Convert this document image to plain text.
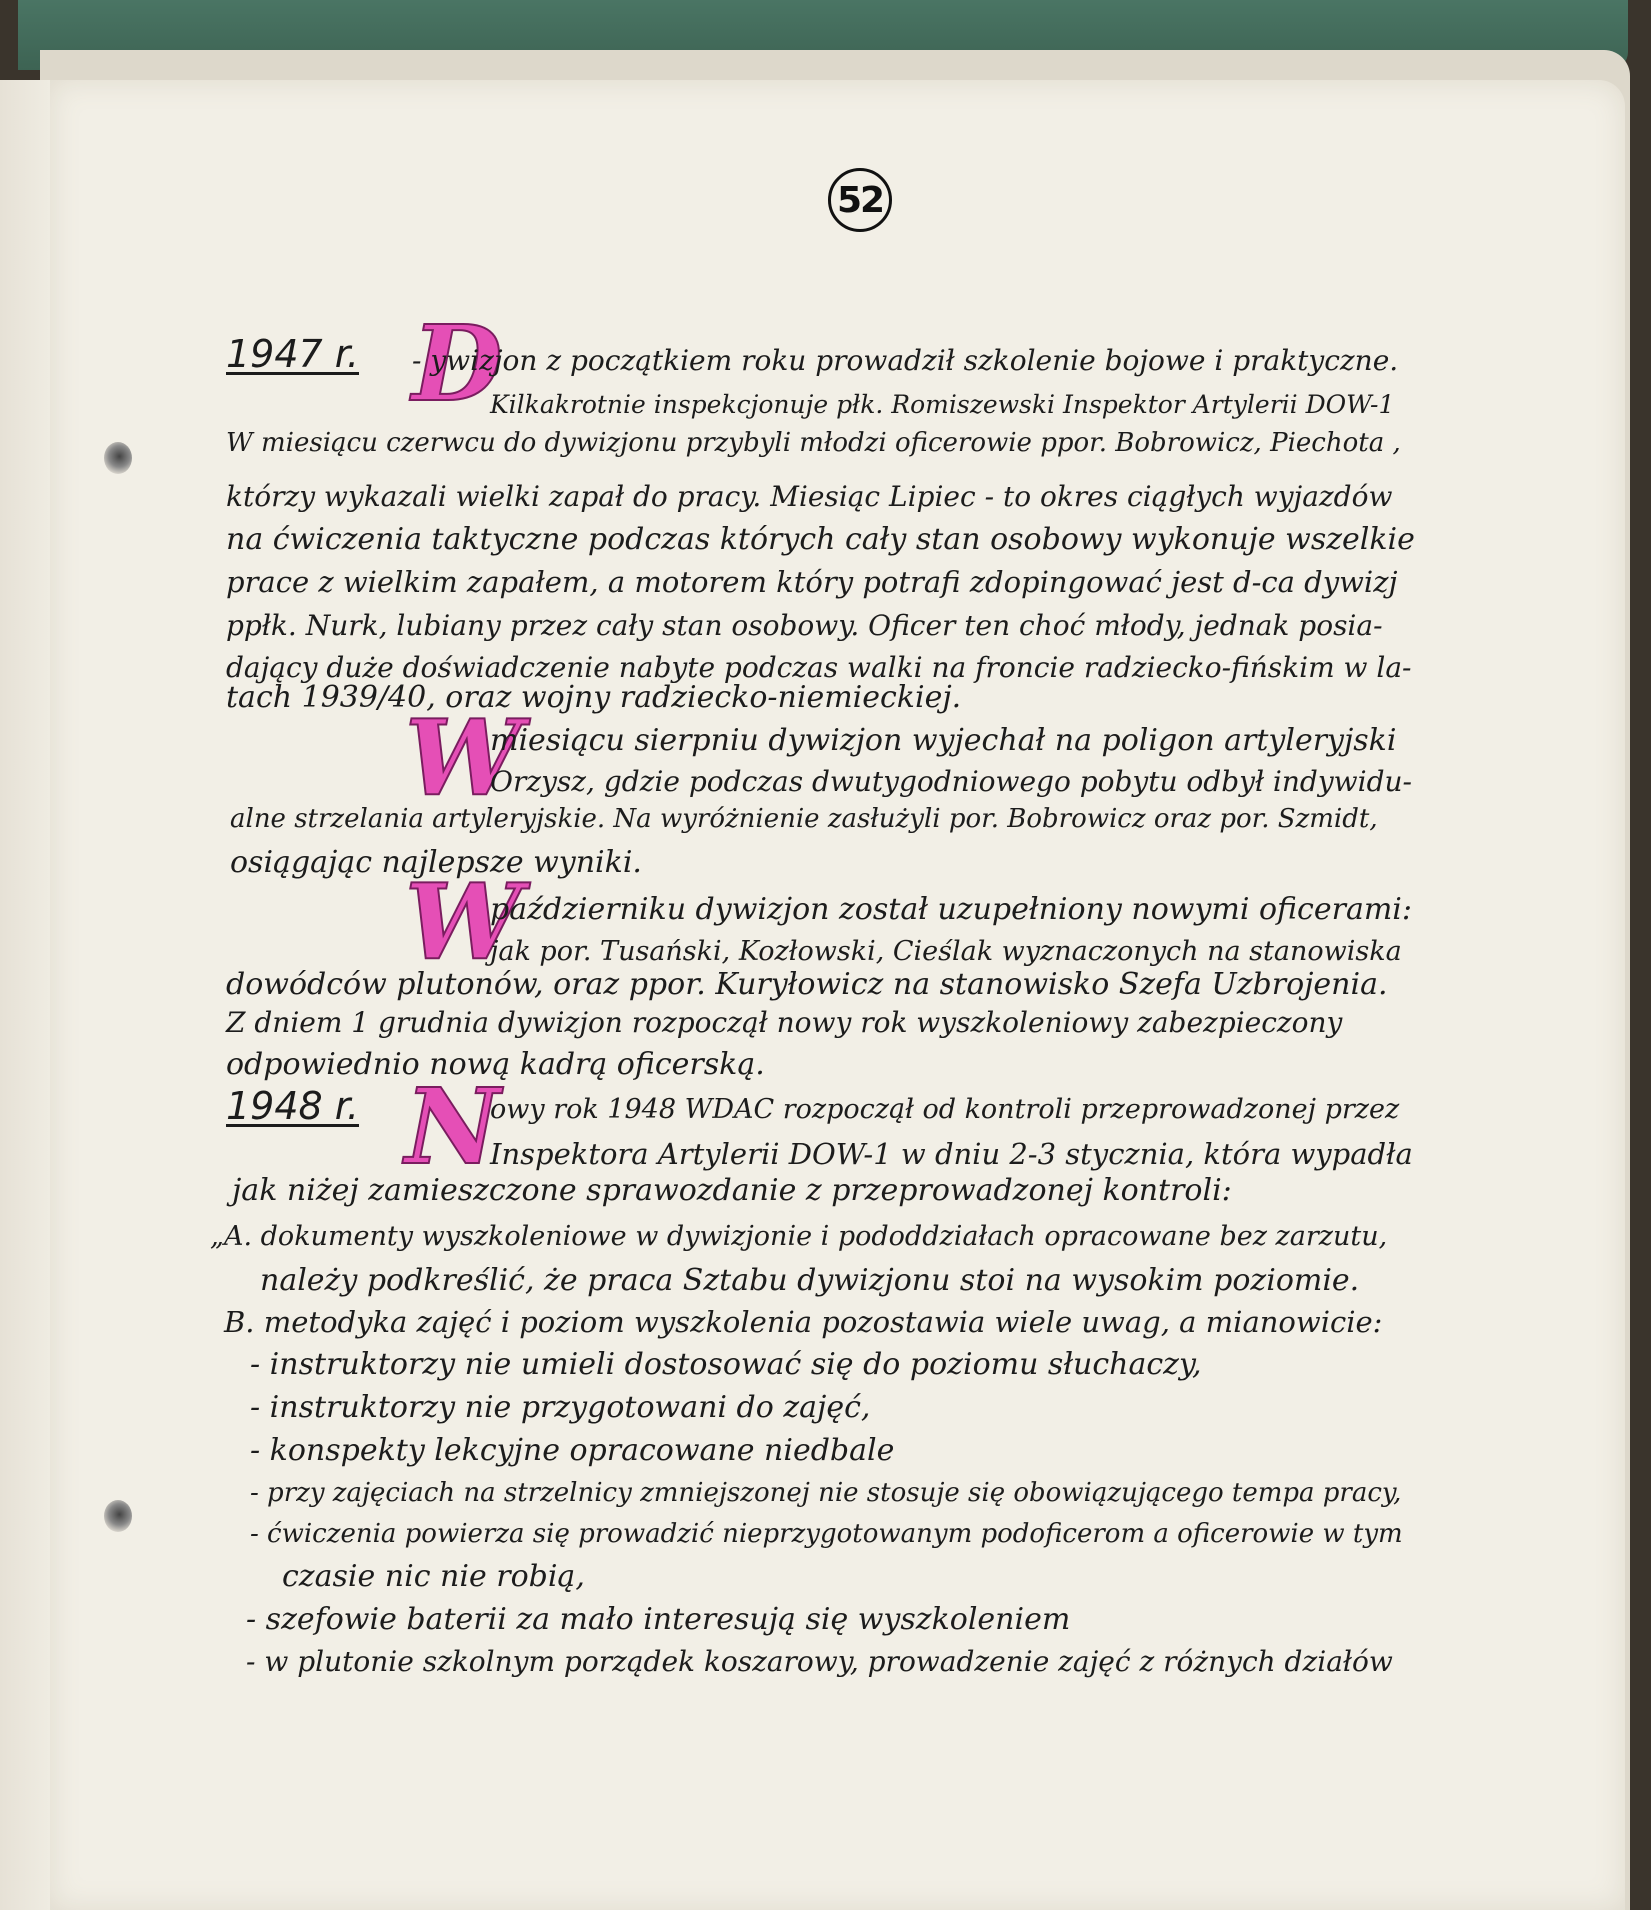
52
1947 r. D
- ywizjon z początkiem roku prowadził szkolenie bojowe i praktyczne.
Kilkakrotnie inspekcjonuje płk. Romiszewski Inspektor Artylerii DOW-1
W miesiącu czerwcu do dywizjonu przybyli młodzi oficerowie ppor. Bobrowicz, Piechota ,
którzy wykazali wielki zapał do pracy. Miesiąc Lipiec - to okres ciągłych wyjazdów
na ćwiczenia taktyczne podczas których cały stan osobowy wykonuje wszelkie
prace z wielkim zapałem, a motorem który potrafi zdopingować jest d-ca dywizj
ppłk. Nurk, lubiany przez cały stan osobowy. Oficer ten choć młody, jednak posia-
dający duże doświadczenie nabyte podczas walki na froncie radziecko-fińskim w la-
tach 1939/40, oraz wojny radziecko-niemieckiej.
W
miesiącu sierpniu dywizjon wyjechał na poligon artyleryjski
Orzysz, gdzie podczas dwutygodniowego pobytu odbył indywidu-
alne strzelania artyleryjskie. Na wyróżnienie zasłużyli por. Bobrowicz oraz por. Szmidt,
osiągając najlepsze wyniki.
W
październiku dywizjon został uzupełniony nowymi oficerami:
jak por. Tusański, Kozłowski, Cieślak wyznaczonych na stanowiska
dowódców plutonów, oraz ppor. Kuryłowicz na stanowisko Szefa Uzbrojenia.
Z dniem 1 grudnia dywizjon rozpoczął nowy rok wyszkoleniowy zabezpieczony
odpowiednio nową kadrą oficerską.
1948 r. N
owy rok 1948 WDAC rozpoczął od kontroli przeprowadzonej przez
Inspektora Artylerii DOW-1 w dniu 2-3 stycznia, która wypadła
jak niżej zamieszczone sprawozdanie z przeprowadzonej kontroli:
„A. dokumenty wyszkoleniowe w dywizjonie i pododdziałach opracowane bez zarzutu,
należy podkreślić, że praca Sztabu dywizjonu stoi na wysokim poziomie.
B. metodyka zajęć i poziom wyszkolenia pozostawia wiele uwag, a mianowicie:
- instruktorzy nie umieli dostosować się do poziomu słuchaczy,
- instruktorzy nie przygotowani do zajęć,
- konspekty lekcyjne opracowane niedbale
- przy zajęciach na strzelnicy zmniejszonej nie stosuje się obowiązującego tempa pracy,
- ćwiczenia powierza się prowadzić nieprzygotowanym podoficerom a oficerowie w tym
czasie nic nie robią,
- szefowie baterii za mało interesują się wyszkoleniem
- w plutonie szkolnym porządek koszarowy, prowadzenie zajęć z różnych działów
